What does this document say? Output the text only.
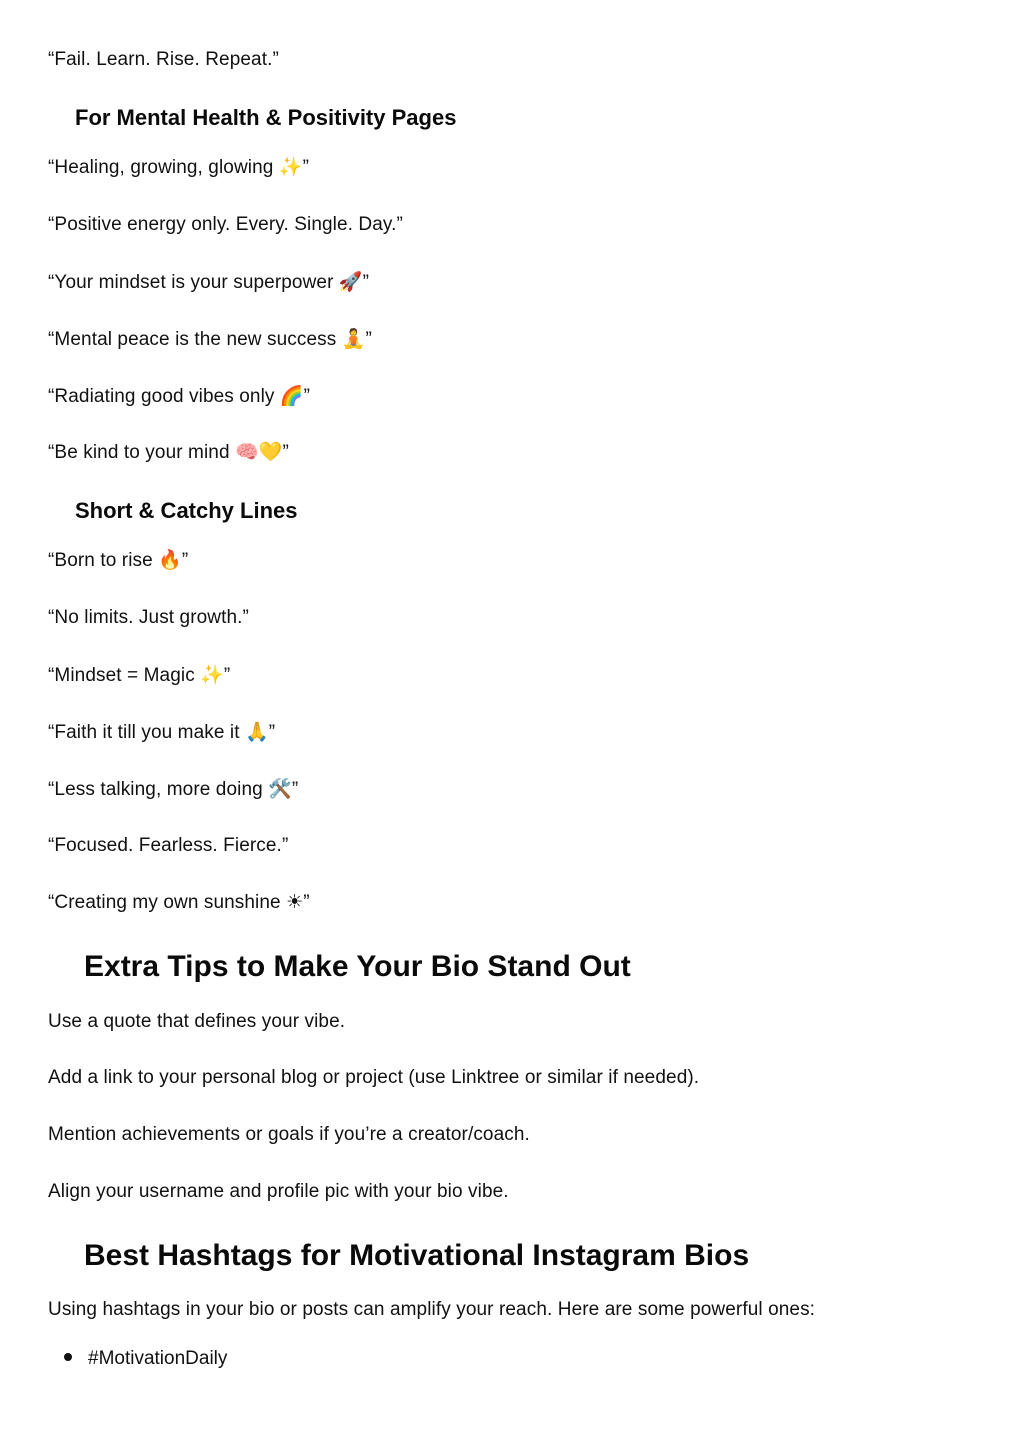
“Fail. Learn. Rise. Repeat.”
For Mental Health & Positivity Pages
“Healing, growing, glowing ✨”
“Positive energy only. Every. Single. Day.”
“Your mindset is your superpower 🚀”
“Mental peace is the new success 🧘”
“Radiating good vibes only 🌈”
“Be kind to your mind 🧠💛”
Short & Catchy Lines
“Born to rise 🔥”
“No limits. Just growth.”
“Mindset = Magic ✨”
“Faith it till you make it 🙏”
“Less talking, more doing 🛠️”
“Focused. Fearless. Fierce.”
“Creating my own sunshine ☀”
Extra Tips to Make Your Bio Stand Out
Use a quote that defines your vibe.
Add a link to your personal blog or project (use Linktree or similar if needed).
Mention achievements or goals if you’re a creator/coach.
Align your username and profile pic with your bio vibe.
Best Hashtags for Motivational Instagram Bios
Using hashtags in your bio or posts can amplify your reach. Here are some powerful ones:
#MotivationDaily
